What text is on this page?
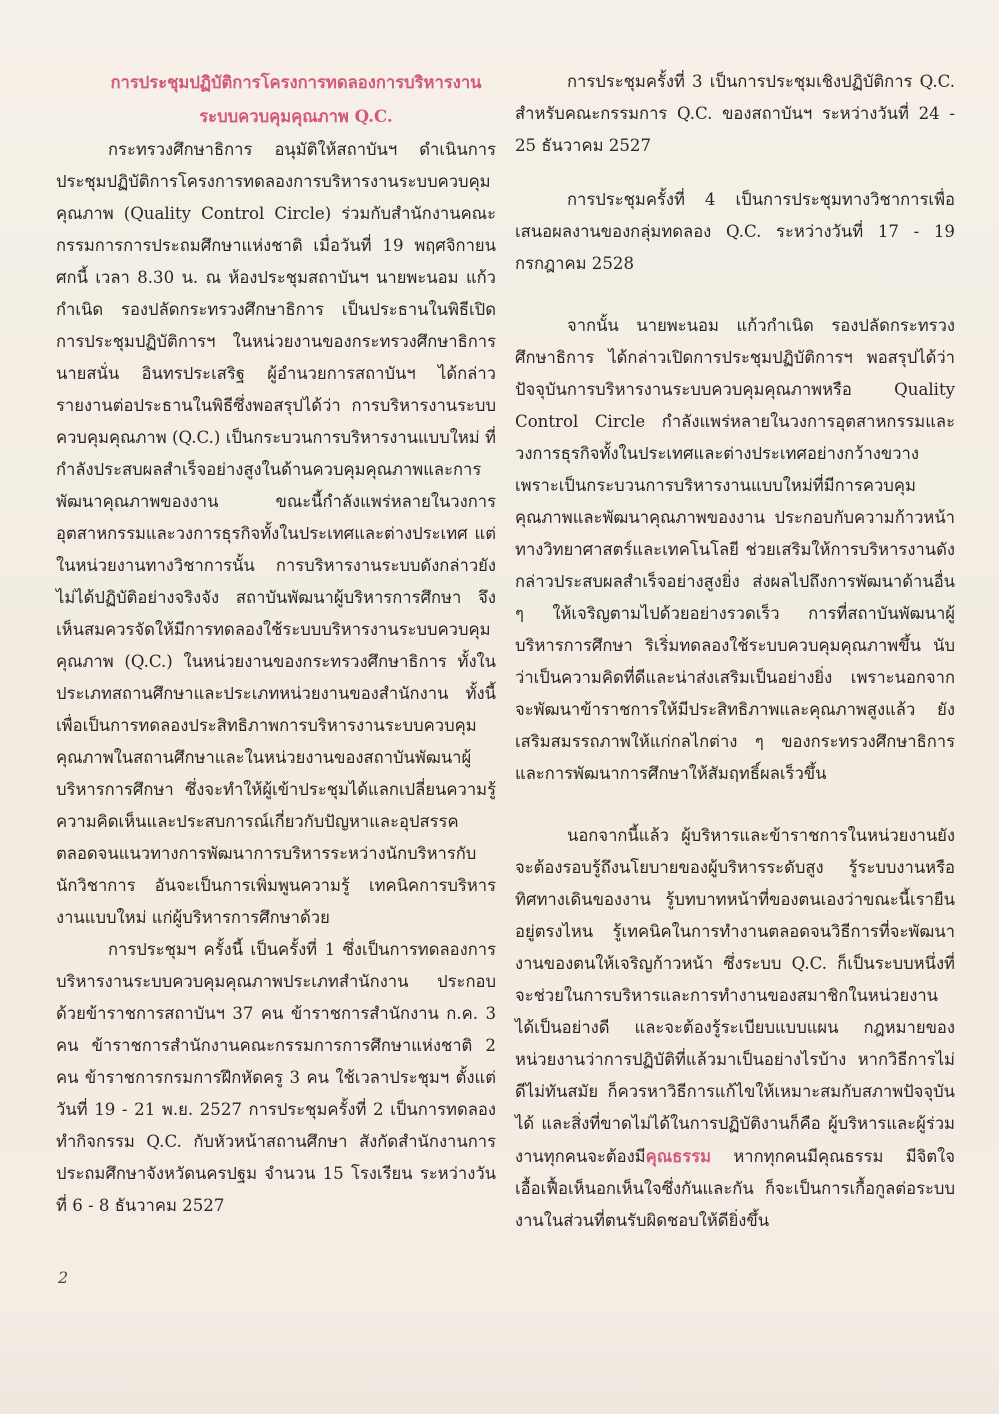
การประชุมปฏิบัติการโครงการทดลองการบริหารงาน
ระบบควบคุมคุณภาพ Q.C.

กระทรวงศึกษาธิการ อนุมัติให้สถาบันฯ ดำเนินการประชุมปฏิบัติการโครงการทดลองการบริหารงานระบบควบคุมคุณภาพ (Quality Control Circle) ร่วมกับสำนักงานคณะกรรมการการประถมศึกษาแห่งชาติ เมื่อวันที่ 19 พฤศจิกายน ศกนี้ เวลา 8.30 น. ณ ห้องประชุมสถาบันฯ นายพะนอม แก้วกำเนิด รองปลัดกระทรวงศึกษาธิการ เป็นประธานในพิธีเปิดการประชุมปฏิบัติการฯ ในหน่วยงานของกระทรวงศึกษาธิการ นายสนั่น อินทรประเสริฐ ผู้อำนวยการสถาบันฯ ได้กล่าวรายงานต่อประธานในพิธีซึ่งพอสรุปได้ว่า การบริหารงานระบบควบคุมคุณภาพ (Q.C.) เป็นกระบวนการบริหารงานแบบใหม่ ที่กำลังประสบผลสำเร็จอย่างสูงในด้านควบคุมคุณภาพและการพัฒนาคุณภาพของงาน ขณะนี้กำลังแพร่หลายในวงการอุตสาหกรรมและวงการธุรกิจทั้งในประเทศและต่างประเทศ แต่ในหน่วยงานทางวิชาการนั้น การบริหารงานระบบดังกล่าวยังไม่ได้ปฏิบัติอย่างจริงจัง สถาบันพัฒนาผู้บริหารการศึกษา จึงเห็นสมควรจัดให้มีการทดลองใช้ระบบบริหารงานระบบควบคุมคุณภาพ (Q.C.) ในหน่วยงานของกระทรวงศึกษาธิการ ทั้งในประเภทสถานศึกษาและประเภทหน่วยงานของสำนักงาน ทั้งนี้เพื่อเป็นการทดลองประสิทธิภาพการบริหารงานระบบควบคุมคุณภาพในสถานศึกษาและในหน่วยงานของสถาบันพัฒนาผู้บริหารการศึกษา ซึ่งจะทำให้ผู้เข้าประชุมได้แลกเปลี่ยนความรู้ ความคิดเห็นและประสบการณ์เกี่ยวกับปัญหาและอุปสรรคตลอดจนแนวทางการพัฒนาการบริหารระหว่างนักบริหารกับนักวิชาการ อันจะเป็นการเพิ่มพูนความรู้ เทคนิคการบริหารงานแบบใหม่ แก่ผู้บริหารการศึกษาด้วย

การประชุมฯ ครั้งนี้ เป็นครั้งที่ 1 ซึ่งเป็นการทดลองการบริหารงานระบบควบคุมคุณภาพประเภทสำนักงาน ประกอบด้วยข้าราชการสถาบันฯ 37 คน ข้าราชการสำนักงาน ก.ค. 3 คน ข้าราชการสำนักงานคณะกรรมการการศึกษาแห่งชาติ 2 คน ข้าราชการกรมการฝึกหัดครู 3 คน ใช้เวลาประชุมฯ ตั้งแต่วันที่ 19 - 21 พ.ย. 2527 การประชุมครั้งที่ 2 เป็นการทดลองทำกิจกรรม Q.C. กับหัวหน้าสถานศึกษา สังกัดสำนักงานการประถมศึกษาจังหวัดนครปฐม จำนวน 15 โรงเรียน ระหว่างวันที่ 6 - 8 ธันวาคม 2527

การประชุมครั้งที่ 3 เป็นการประชุมเชิงปฏิบัติการ Q.C. สำหรับคณะกรรมการ Q.C. ของสถาบันฯ ระหว่างวันที่ 24 - 25 ธันวาคม 2527

การประชุมครั้งที่ 4 เป็นการประชุมทางวิชาการเพื่อเสนอผลงานของกลุ่มทดลอง Q.C. ระหว่างวันที่ 17 - 19 กรกฎาคม 2528

จากนั้น นายพะนอม แก้วกำเนิด รองปลัดกระทรวงศึกษาธิการ ได้กล่าวเปิดการประชุมปฏิบัติการฯ พอสรุปได้ว่า ปัจจุบันการบริหารงานระบบควบคุมคุณภาพหรือ Quality Control Circle กำลังแพร่หลายในวงการอุตสาหกรรมและวงการธุรกิจทั้งในประเทศและต่างประเทศอย่างกว้างขวาง เพราะเป็นกระบวนการบริหารงานแบบใหม่ที่มีการควบคุมคุณภาพและพัฒนาคุณภาพของงาน ประกอบกับความก้าวหน้าทางวิทยาศาสตร์และเทคโนโลยี ช่วยเสริมให้การบริหารงานดังกล่าวประสบผลสำเร็จอย่างสูงยิ่ง ส่งผลไปถึงการพัฒนาด้านอื่น ๆ ให้เจริญตามไปด้วยอย่างรวดเร็ว การที่สถาบันพัฒนาผู้บริหารการศึกษา ริเริ่มทดลองใช้ระบบควบคุมคุณภาพขึ้น นับว่าเป็นความคิดที่ดีและน่าส่งเสริมเป็นอย่างยิ่ง เพราะนอกจากจะพัฒนาข้าราชการให้มีประสิทธิภาพและคุณภาพสูงแล้ว ยังเสริมสมรรถภาพให้แก่กลไกต่าง ๆ ของกระทรวงศึกษาธิการและการพัฒนาการศึกษาให้สัมฤทธิ์ผลเร็วขึ้น

นอกจากนี้แล้ว ผู้บริหารและข้าราชการในหน่วยงานยังจะต้องรอบรู้ถึงนโยบายของผู้บริหารระดับสูง รู้ระบบงานหรือทิศทางเดินของงาน รู้บทบาทหน้าที่ของตนเองว่าขณะนี้เรายืนอยู่ตรงไหน รู้เทคนิคในการทำงานตลอดจนวิธีการที่จะพัฒนางานของตนให้เจริญก้าวหน้า ซึ่งระบบ Q.C. ก็เป็นระบบหนึ่งที่จะช่วยในการบริหารและการทำงานของสมาชิกในหน่วยงานได้เป็นอย่างดี และจะต้องรู้ระเบียบแบบแผน กฎหมายของหน่วยงานว่าการปฏิบัติที่แล้วมาเป็นอย่างไรบ้าง หากวิธีการไม่ดีไม่ทันสมัย ก็ควรหาวิธีการแก้ไขให้เหมาะสมกับสภาพปัจจุบันได้ และสิ่งที่ขาดไม่ได้ในการปฏิบัติงานก็คือ ผู้บริหารและผู้ร่วมงานทุกคนจะต้องมีคุณธรรม หากทุกคนมีคุณธรรม มีจิตใจเอื้อเฟื้อเห็นอกเห็นใจซึ่งกันและกัน ก็จะเป็นการเกื้อกูลต่อระบบงานในส่วนที่ตนรับผิดชอบให้ดียิ่งขึ้น

2
